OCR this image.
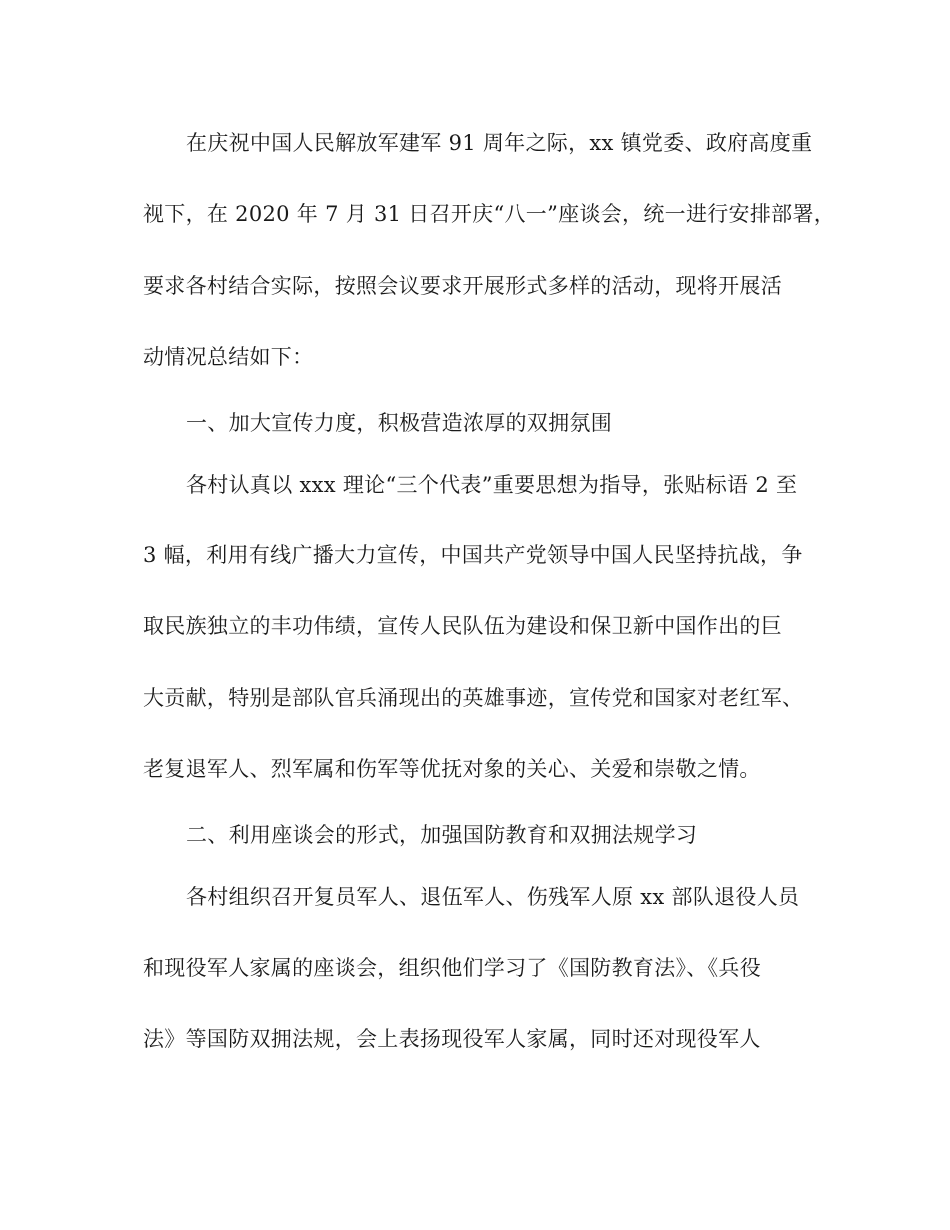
在庆祝中国人民解放军建军 91 周年之际，xx 镇党委、政府高度重
视下，在 2020 年 7 月 31 日召开庆“八一”座谈会，统一进行安排部署，
要求各村结合实际，按照会议要求开展形式多样的活动，现将开展活
动情况总结如下：
一、加大宣传力度，积极营造浓厚的双拥氛围
各村认真以 xxx 理论“三个代表”重要思想为指导，张贴标语 2 至
3 幅，利用有线广播大力宣传，中国共产党领导中国人民坚持抗战，争
取民族独立的丰功伟绩，宣传人民队伍为建设和保卫新中国作出的巨
大贡献，特别是部队官兵涌现出的英雄事迹，宣传党和国家对老红军、
老复退军人、烈军属和伤军等优抚对象的关心、关爱和崇敬之情。
二、利用座谈会的形式，加强国防教育和双拥法规学习
各村组织召开复员军人、退伍军人、伤残军人原 xx 部队退役人员
和现役军人家属的座谈会，组织他们学习了《国防教育法》、《兵役
法》等国防双拥法规，会上表扬现役军人家属，同时还对现役军人
